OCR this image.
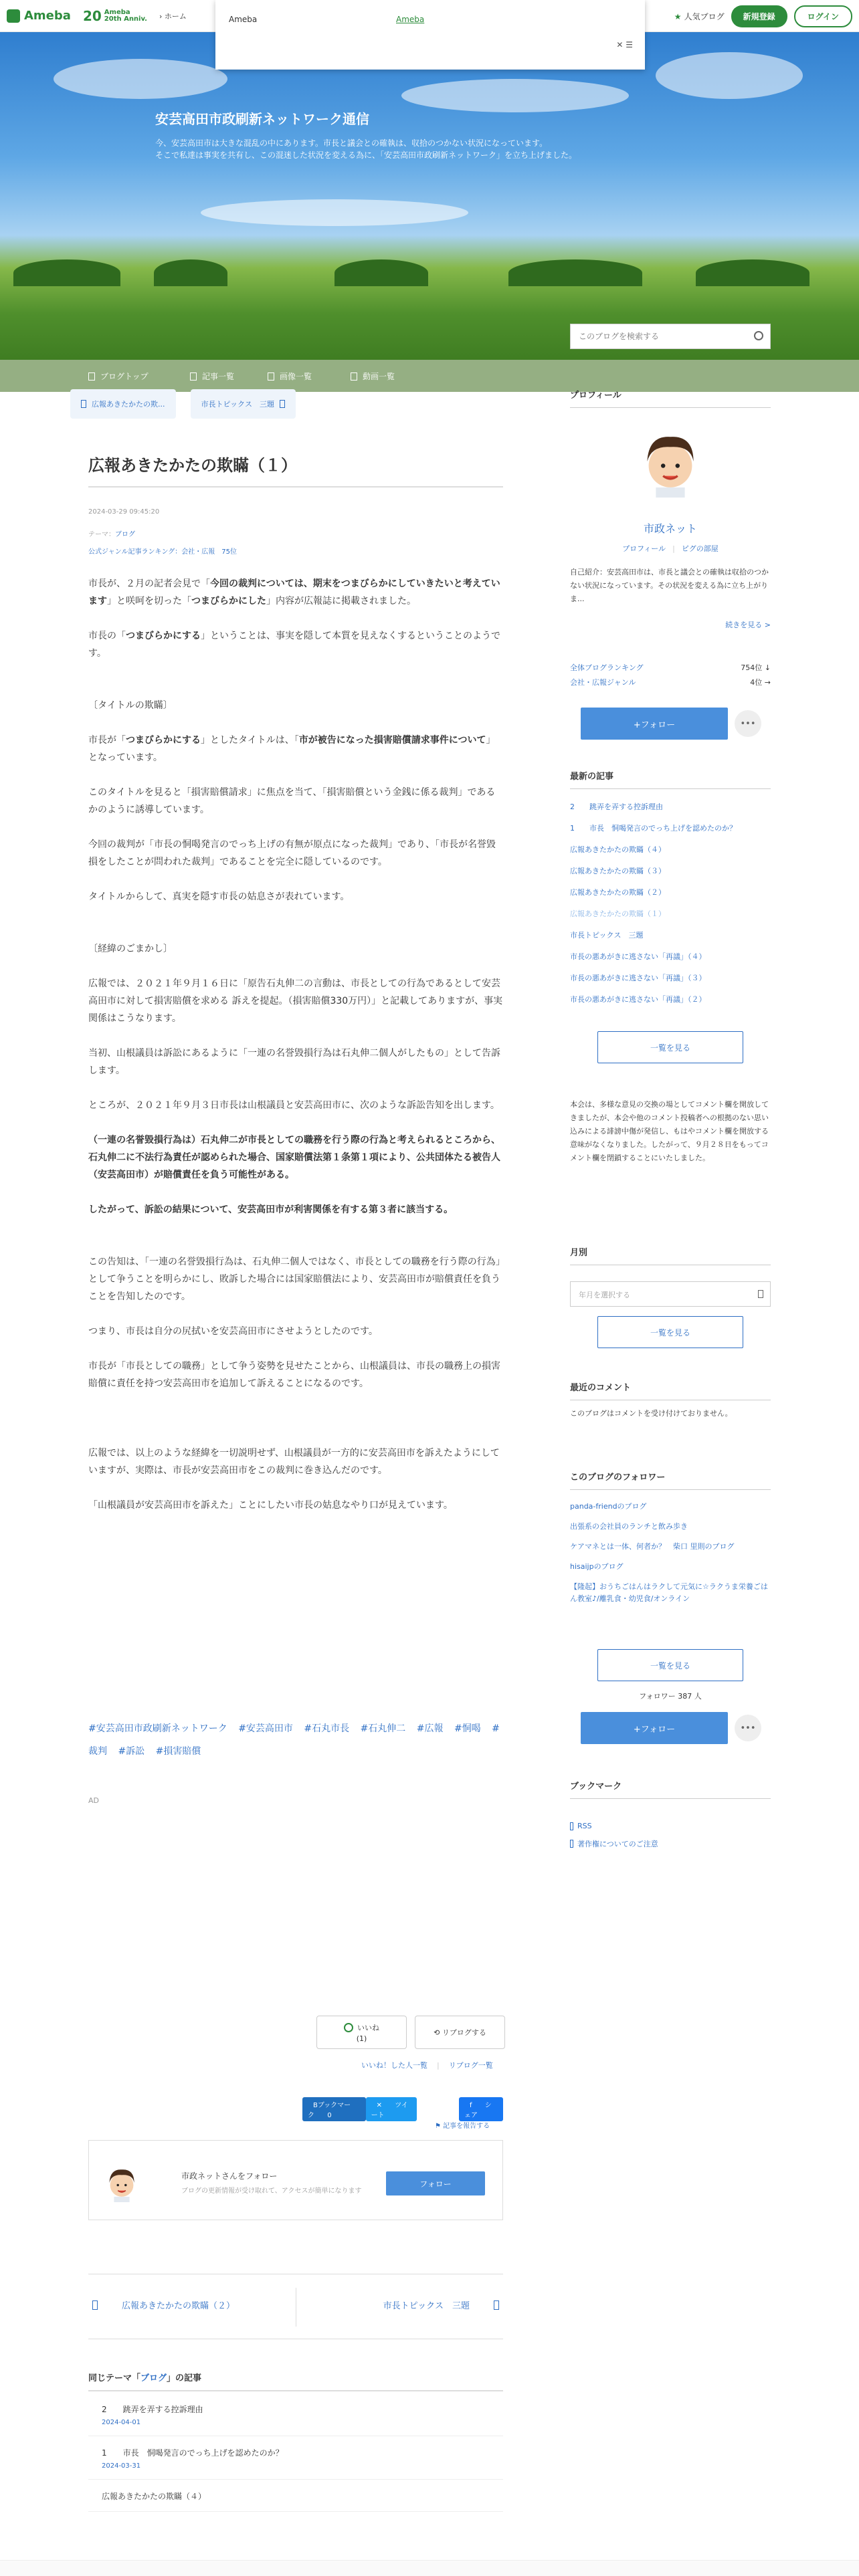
Ameba 20 Ameba
20th Anniv. › ホーム	★ 人気ブログ	新規登録	ログイン
Ameba	Ameba
✕ ☰
安芸高田市政刷新ネットワーク通信
今、安芸高田市は大きな混乱の中にあります。市長と議会との確執は、収拾のつかない状況になっています。
そこで私達は事実を共有し、この混迷した状況を変える為に、「安芸高田市政刷新ネットワーク」を立ち上げました。
ブログトップ	記事一覧	画像一覧	動画一覧
このブログを検索する
広報あきたかたの欺...	市長トピックス　三題
広報あきたかたの欺瞞（１）
2024-03-29 09:45:20
テーマ：ブログ
公式ジャンル記事ランキング：会社・広報　75位

市長が、２月の記者会見で「今回の裁判については、期末をつまびらかにしていきたいと考えています」と咲呵を切った「つまびらかにした」内容が広報誌に掲載されました。

市長の「つまびらかにする」ということは、事実を隠して本質を見えなくするということのようです。

〔タイトルの欺瞞〕

市長が「つまびらかにする」としたタイトルは、「市が被告になった損害賠償請求事件について」となっています。

このタイトルを見ると「損害賠償請求」に焦点を当て、「損害賠償という金銭に係る裁判」であるかのように誘導しています。

今回の裁判が「市長の恫喝発言のでっち上げの有無が原点になった裁判」であり、「市長が名誉毀損をしたことが問われた裁判」であることを完全に隠しているのです。

タイトルからして、真実を隠す市長の姑息さが表れています。

〔経緯のごまかし〕

広報では、２０２１年９月１６日に「原告石丸伸二の言動は、市長としての行為であるとして安芸高田市に対して損害賠償を求める 訴えを提起。（損害賠償330万円）」と記載してありますが、事実関係はこうなります。

当初、山根議員は訴訟にあるように「一連の名誉毀損行為は石丸伸二個人がしたもの」として告訴します。

ところが、２０２１年９月３日市長は山根議員と安芸高田市に、次のような訴訟告知を出します。

（一連の名誉毀損行為は）石丸伸二が市長としての職務を行う際の行為と考えられるところから、石丸伸二に不法行為責任が認められた場合、国家賠償法第１条第１項により、公共団体たる被告人（安芸高田市）が賠償責任を負う可能性がある。

したがって、訴訟の結果について、安芸高田市が利害関係を有する第３者に該当する。

この告知は、「一連の名誉毀損行為は、石丸伸二個人ではなく、市長としての職務を行う際の行為」として争うことを明らかにし、敗訴した場合には国家賠償法により、安芸高田市が賠償責任を負うことを告知したのです。

つまり、市長は自分の尻拭いを安芸高田市にさせようとしたのです。

市長が「市長としての職務」として争う姿勢を見せたことから、山根議員は、市長の職務上の損害賠償に責任を持つ安芸高田市を追加して訴えることになるのです。

広報では、以上のような経緯を一切説明せず、山根議員が一方的に安芸高田市を訴えたようにしていますが、実際は、市長が安芸高田市をこの裁判に巻き込んだのです。

「山根議員が安芸高田市を訴えた」ことにしたい市長の姑息なやり口が見えています。

#安芸高田市政刷新ネットワーク #安芸高田市 #石丸市長 #石丸伸二 #広報 #恫喝 #裁判 #訴訟 #損害賠償
AD
いいね
(1)
⟲ リブログする
いいね！した人一覧 | リブログ一覧
Bブックマーク 0
✕ ツイート
f シェア
⚑ 記事を報告する
市政ネットさんをフォロー
ブログの更新情報が受け取れて、アクセスが簡単になります
フォロー
広報あきたかたの欺瞞（２）	市長トピックス　三題
同じテーマ「ブログ」の記事
2　　跳弄を弄する控訴理由
2024-04-01
1　　市長　恫喝発言のでっち上げを認めたのか？
2024-03-31
広報あきたかたの欺瞞（４）
プロフィール
市政ネット
プロフィール | ピグの部屋
自己紹介：安芸高田市は、市長と議会との確執は収拾のつかない状況になっています。その状況を変える為に立ち上がりま...
続きを見る >
全体ブログランキング	754位 ↓
会社・広報ジャンル	4位 →
+フォロー	•••
最新の記事
2　　跳弄を弄する控訴理由
1　　市長　恫喝発言のでっち上げを認めたのか？
広報あきたかたの欺瞞（４）
広報あきたかたの欺瞞（３）
広報あきたかたの欺瞞（２）
広報あきたかたの欺瞞（１）
市長トピックス　三題
市長の悪あがきに逃さない「再議」（４）
市長の悪あがきに逃さない「再議」（３）
市長の悪あがきに逃さない「再議」（２）
一覧を見る
本会は、多様な意見の交換の場としてコメント欄を開放してきましたが、本会や他のコメント投稿者への根拠のない思い込みによる誹謗中傷が発信し、もはやコメント欄を開放する意味がなくなりました。したがって、９月２８日をもってコメント欄を閉鎖することにいたしました。
月別
年月を選択する
一覧を見る
最近のコメント
このブログはコメントを受け付けておりません。
このブログのフォロワー
panda-friendのブログ
出張系の会社員のランチと飲み歩き
ケアマネとは一体、何者か？　柴口 里則のブログ
hisaijpのブログ
【隆起】おうちごはんはラクして元気に☆ラクうま栄養ごはん教室♪/離乳食・幼児食/オンライン
一覧を見る
フォロワー 387 人
+フォロー	•••
ブックマーク
RSS
著作権についてのご注意
